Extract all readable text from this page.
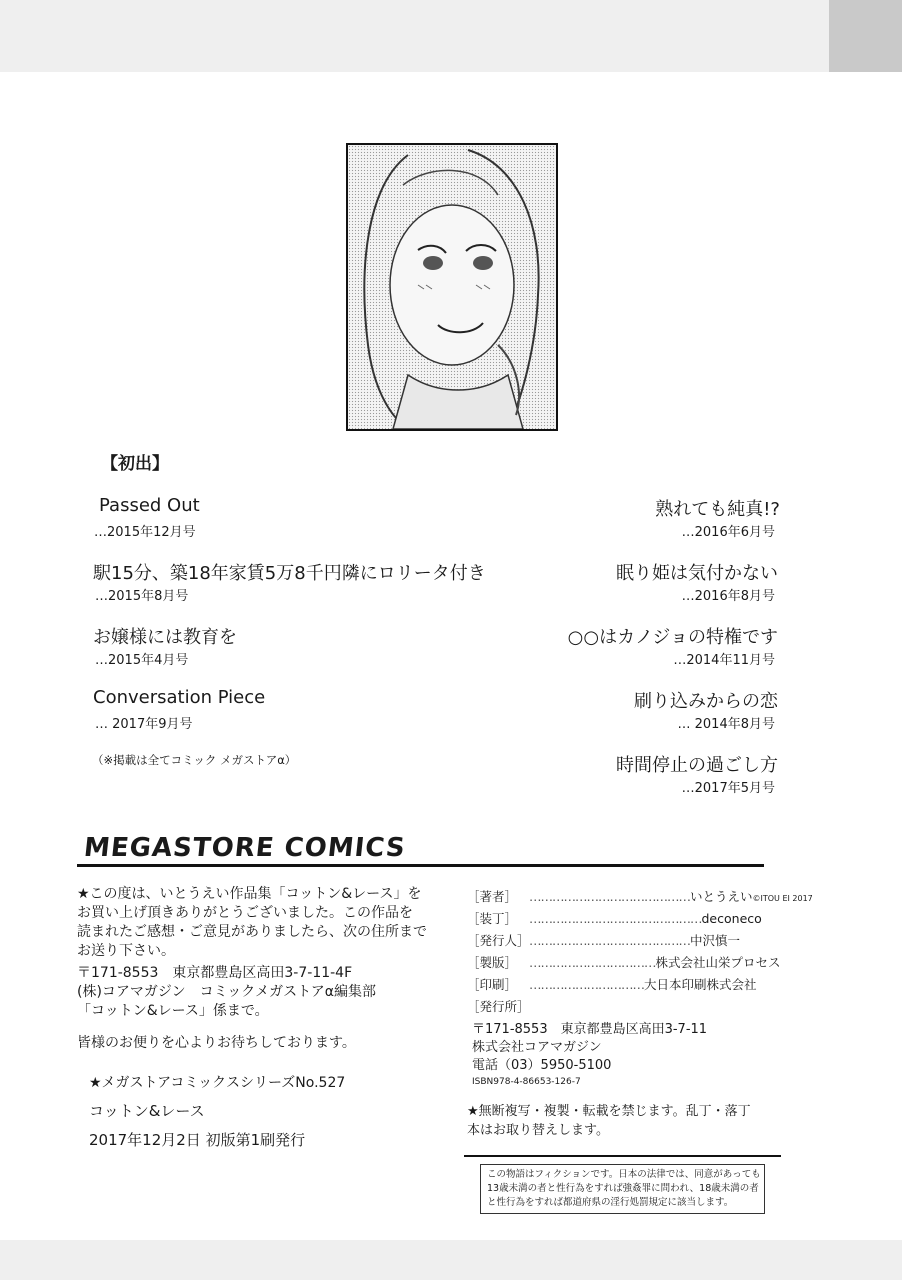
【初出】
Passed Out
…2015年12月号
駅15分、築18年家賃5万8千円隣にロリータ付き
…2015年8月号
お嬢様には教育を
…2015年4月号
Conversation Piece
… 2017年9月号
熟れても純真!?
…2016年6月号
眠り姫は気付かない
…2016年8月号
○○はカノジョの特権です
…2014年11月号
刷り込みからの恋
… 2014年8月号
時間停止の過ごし方
…2017年5月号
（※掲載は全てコミック メガストアα）
MEGASTORE COMICS
★この度は、いとうえい作品集「コットン&レース」を
お買い上げ頂きありがとうございました。この作品を
読まれたご感想・ご意見がありましたら、次の住所まで
お送り下さい。
〒171-8553　東京都豊島区高田3-7-11-4F
(株)コアマガジン　コミックメガストアα編集部
「コットン&レース」係まで。
皆様のお便りを心よりお待ちしております。
★メガストアコミックスシリーズNo.527
コットン&レース
2017年12月2日 初版第1刷発行
［著者］ ……………………………………いとうえい©ITOU EI 2017
［装丁］ ………………………………………deconeco
［発行人］……………………………………中沢慎一
［製版］ ……………………………株式会社山栄プロセス
［印刷］ …………………………大日本印刷株式会社
［発行所］
〒171-8553　東京都豊島区高田3-7-11
株式会社コアマガジン
電話（03）5950-5100
ISBN978-4-86653-126-7
★無断複写・複製・転載を禁じます。乱丁・落丁
本はお取り替えします。
この物語はフィクションです。日本の法律では、同意があっても
13歳未満の者と性行為をすれば強姦罪に問われ、18歳未満の者
と性行為をすれば都道府県の淫行処罰規定に該当します。
